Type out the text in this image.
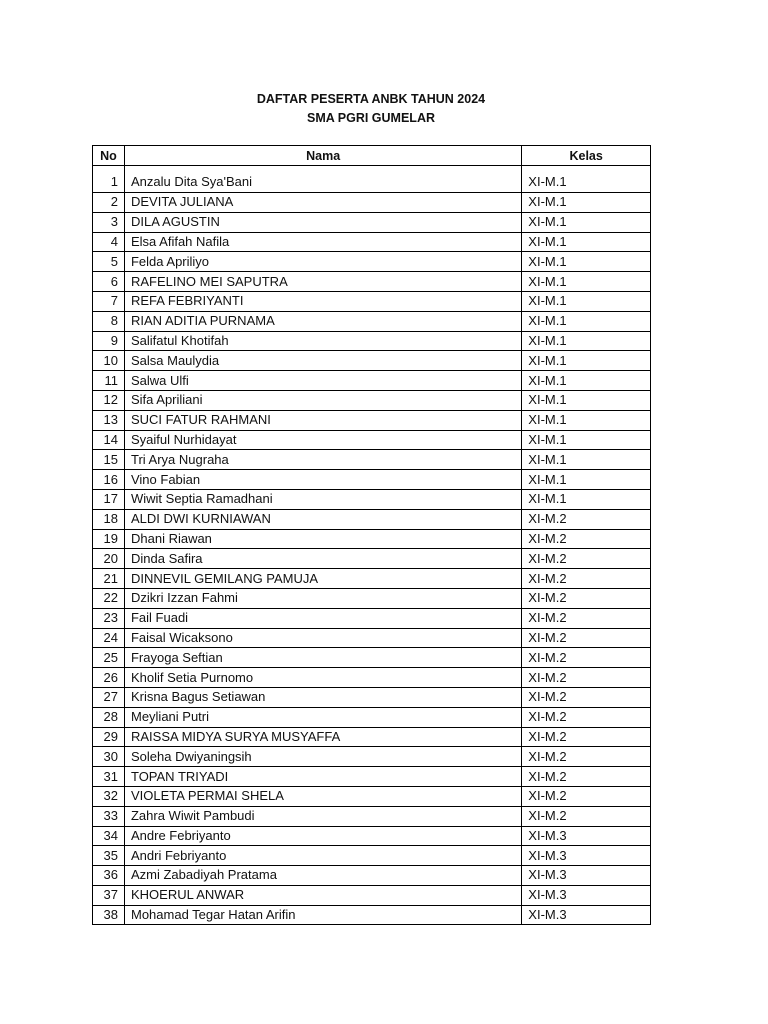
DAFTAR PESERTA ANBK TAHUN 2024
SMA PGRI GUMELAR
No	Nama	Kelas
1	Anzalu Dita Sya'Bani	XI-M.1
2	DEVITA JULIANA	XI-M.1
3	DILA AGUSTIN	XI-M.1
4	Elsa Afifah Nafila	XI-M.1
5	Felda Apriliyo	XI-M.1
6	RAFELINO MEI SAPUTRA	XI-M.1
7	REFA FEBRIYANTI	XI-M.1
8	RIAN ADITIA PURNAMA	XI-M.1
9	Salifatul Khotifah	XI-M.1
10	Salsa Maulydia	XI-M.1
11	Salwa Ulfi	XI-M.1
12	Sifa Apriliani	XI-M.1
13	SUCI FATUR RAHMANI	XI-M.1
14	Syaiful Nurhidayat	XI-M.1
15	Tri Arya Nugraha	XI-M.1
16	Vino Fabian	XI-M.1
17	Wiwit Septia Ramadhani	XI-M.1
18	ALDI DWI KURNIAWAN	XI-M.2
19	Dhani Riawan	XI-M.2
20	Dinda Safira	XI-M.2
21	DINNEVIL GEMILANG PAMUJA	XI-M.2
22	Dzikri Izzan Fahmi	XI-M.2
23	Fail Fuadi	XI-M.2
24	Faisal Wicaksono	XI-M.2
25	Frayoga Seftian	XI-M.2
26	Kholif Setia Purnomo	XI-M.2
27	Krisna Bagus Setiawan	XI-M.2
28	Meyliani Putri	XI-M.2
29	RAISSA MIDYA SURYA MUSYAFFA	XI-M.2
30	Soleha Dwiyaningsih	XI-M.2
31	TOPAN TRIYADI	XI-M.2
32	VIOLETA PERMAI SHELA	XI-M.2
33	Zahra Wiwit Pambudi	XI-M.2
34	Andre Febriyanto	XI-M.3
35	Andri Febriyanto	XI-M.3
36	Azmi Zabadiyah Pratama	XI-M.3
37	KHOERUL ANWAR	XI-M.3
38	Mohamad Tegar Hatan Arifin	XI-M.3
